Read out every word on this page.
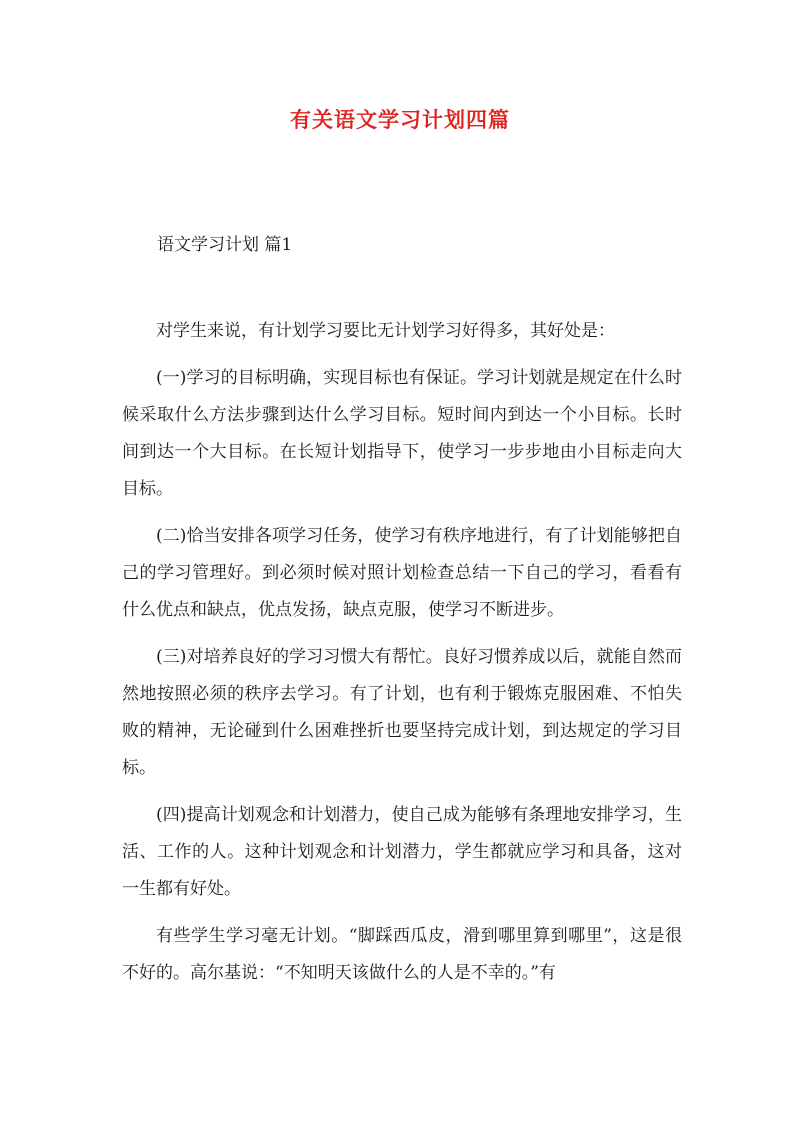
有关语文学习计划四篇

语文学习计划 篇1

对学生来说，有计划学习要比无计划学习好得多，其好处是：

(一)学习的目标明确，实现目标也有保证。学习计划就是规定在什么时候采取什么方法步骤到达什么学习目标。短时间内到达一个小目标。长时间到达一个大目标。在长短计划指导下，使学习一步步地由小目标走向大目标。

(二)恰当安排各项学习任务，使学习有秩序地进行，有了计划能够把自己的学习管理好。到必须时候对照计划检查总结一下自己的学习，看看有什么优点和缺点，优点发扬，缺点克服，使学习不断进步。

(三)对培养良好的学习习惯大有帮忙。良好习惯养成以后，就能自然而然地按照必须的秩序去学习。有了计划，也有利于锻炼克服困难、不怕失败的精神，无论碰到什么困难挫折也要坚持完成计划，到达规定的学习目标。

(四)提高计划观念和计划潜力，使自己成为能够有条理地安排学习，生活、工作的人。这种计划观念和计划潜力，学生都就应学习和具备，这对一生都有好处。

有些学生学习毫无计划。“脚踩西瓜皮，滑到哪里算到哪里”，这是很不好的。高尔基说：“不知明天该做什么的人是不幸的。”有
